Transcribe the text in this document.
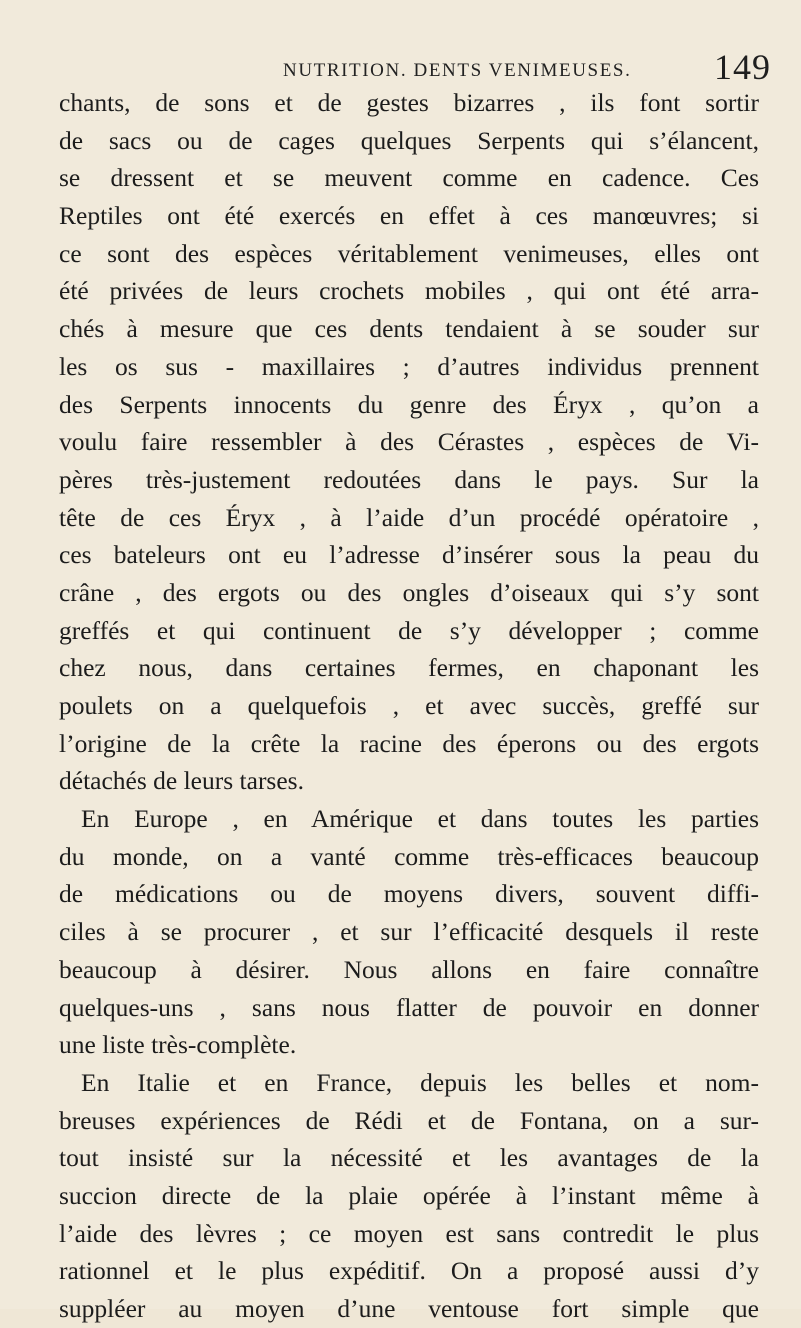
NUTRITION. DENTS VENIMEUSES. 149
chants, de sons et de gestes bizarres , ils font sortir
de sacs ou de cages quelques Serpents qui s’élancent,
se dressent et se meuvent comme en cadence. Ces
Reptiles ont été exercés en effet à ces manœuvres; si
ce sont des espèces véritablement venimeuses, elles ont
été privées de leurs crochets mobiles , qui ont été arra-
chés à mesure que ces dents tendaient à se souder sur
les os sus - maxillaires ; d’autres individus prennent
des Serpents innocents du genre des Éryx , qu’on a
voulu faire ressembler à des Cérastes , espèces de Vi-
pères très-justement redoutées dans le pays. Sur la
tête de ces Éryx , à l’aide d’un procédé opératoire ,
ces bateleurs ont eu l’adresse d’insérer sous la peau du
crâne , des ergots ou des ongles d’oiseaux qui s’y sont
greffés et qui continuent de s’y développer ; comme
chez nous, dans certaines fermes, en chaponant les
poulets on a quelquefois , et avec succès, greffé sur
l’origine de la crête la racine des éperons ou des ergots
détachés de leurs tarses.
En Europe , en Amérique et dans toutes les parties
du monde, on a vanté comme très-efficaces beaucoup
de médications ou de moyens divers, souvent diffi-
ciles à se procurer , et sur l’efficacité desquels il reste
beaucoup à désirer. Nous allons en faire connaître
quelques-uns , sans nous flatter de pouvoir en donner
une liste très-complète.
En Italie et en France, depuis les belles et nom-
breuses expériences de Rédi et de Fontana, on a sur-
tout insisté sur la nécessité et les avantages de la
succion directe de la plaie opérée à l’instant même à
l’aide des lèvres ; ce moyen est sans contredit le plus
rationnel et le plus expéditif. On a proposé aussi d’y
suppléer au moyen d’une ventouse fort simple que
